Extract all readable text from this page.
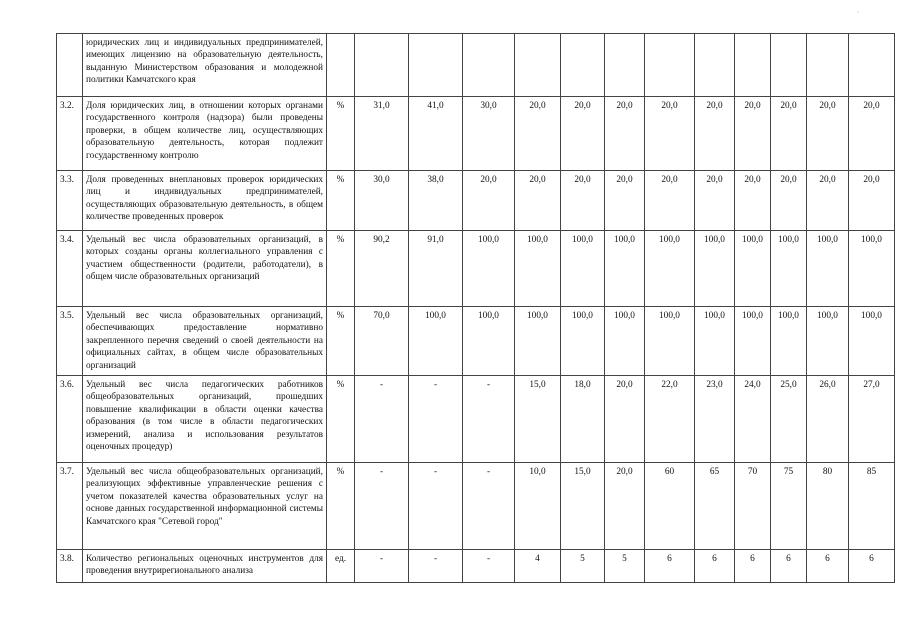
	юридических лиц и индивидуальных предпринимателей, имеющих лицензию на образовательную деятельность, выданную Министерством образования и молодежной политики Камчатского края													
3.2.	Доля юридических лиц, в отношении которых органами государственного контроля (надзора) были проведены проверки, в общем количестве лиц, осуществляющих образовательную деятельность, которая подлежит государственному контролю	%	31,0	41,0	30,0	20,0	20,0	20,0	20,0	20,0	20,0	20,0	20,0	20,0
3.3.	Доля проведенных внеплановых проверок юридических лиц и индивидуальных предпринимателей, осуществляющих образовательную деятельность, в общем количестве проведенных проверок	%	30,0	38,0	20,0	20,0	20,0	20,0	20,0	20,0	20,0	20,0	20,0	20,0
3.4.	Удельный вес числа образовательных организаций, в которых созданы органы коллегиального управления с участием общественности (родители, работодатели), в общем числе образовательных организаций	%	90,2	91,0	100,0	100,0	100,0	100,0	100,0	100,0	100,0	100,0	100,0	100,0
3.5.	Удельный вес числа образовательных организаций, обеспечивающих предоставление нормативно закрепленного перечня сведений о своей деятельности на официальных сайтах, в общем числе образовательных организаций	%	70,0	100,0	100,0	100,0	100,0	100,0	100,0	100,0	100,0	100,0	100,0	100,0
3.6.	Удельный вес числа педагогических работников общеобразовательных организаций, прошедших повышение квалификации в области оценки качества образования (в том числе в области педагогических измерений, анализа и использования результатов оценочных процедур)	%	-	-	-	15,0	18,0	20,0	22,0	23,0	24,0	25,0	26,0	27,0
3.7.	Удельный вес числа общеобразовательных организаций, реализующих эффективные управленческие решения с учетом показателей качества образовательных услуг на основе данных государственной информационной системы Камчатского края "Сетевой город"	%	-	-	-	10,0	15,0	20,0	60	65	70	75	80	85
3.8.	Количество региональных оценочных инструментов для проведения внутрирегионального анализа	ед.	-	-	-	4	5	5	6	6	6	6	6	6
·
